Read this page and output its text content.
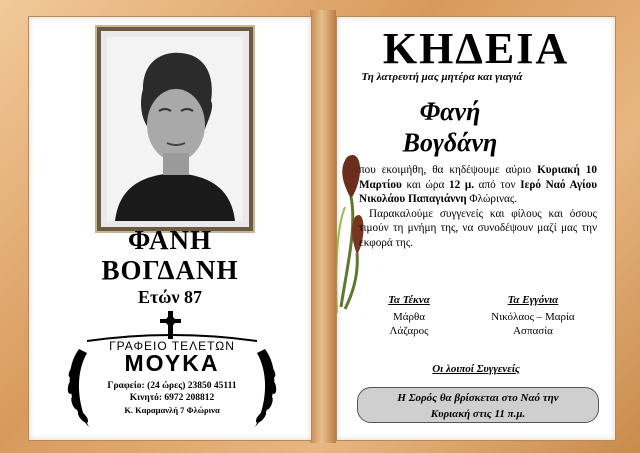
ΦΑΝΗ
ΒΟΓΔΑΝΗ
Ετών 87
ΓΡΑΦΕΙΟ ΤΕΛΕΤΩΝ
ΜΟΥΚΑ
Γραφείο: (24 ώρες) 23850 45111
Κινητό: 6972 208812
Κ. Καραμανλή 7 Φλώρινα
ΚΗΔΕΙΑ
Τη λατρευτή μας μητέρα και γιαγιά
Φανή
Βογδάνη

που εκοιμήθη, θα κηδέψουμε αύριο Κυριακή 10 Μαρτίου και ώρα 12 μ. από τον Ιερό Ναό Αγίου Νικολάου Παπαγιάννη Φλώρινας.

Παρακαλούμε συγγενείς και φίλους και όσους τιμούν τη μνήμη της, να συνοδέψουν μαζί μας την εκφορά της.

Τα Τέκνα
Μάρθα
Λάζαρος
Τα Εγγόνια
Νικόλαος – Μαρία
Ασπασία
Οι λοιποί Συγγενείς
Η Σορός θα βρίσκεται στο Ναό την
Κυριακή στις 11 π.μ.
